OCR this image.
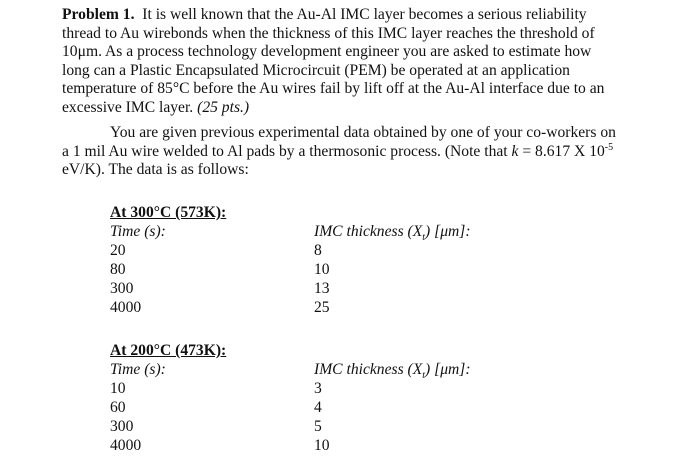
Problem 1. It is well known that the Au-Al IMC layer becomes a serious reliability
thread to Au wirebonds when the thickness of this IMC layer reaches the threshold of
10μm. As a process technology development engineer you are asked to estimate how
long can a Plastic Encapsulated Microcircuit (PEM) be operated at an application
temperature of 85°C before the Au wires fail by lift off at the Au-Al interface due to an
excessive IMC layer. (25 pts.)

You are given previous experimental data obtained by one of your co-workers on
a 1 mil Au wire welded to Al pads by a thermosonic process. (Note that k = 8.617 X $10^{-5}$
eV/K). The data is as follows:

At 300°C (573K):
Time (s):	IMC thickness $(X_t)$ [μm]:
20	8
80	10
300	13
4000	25
At 200°C (473K):
Time (s):	IMC thickness $(X_t)$ [μm]:
10	3
60	4
300	5
4000	10
